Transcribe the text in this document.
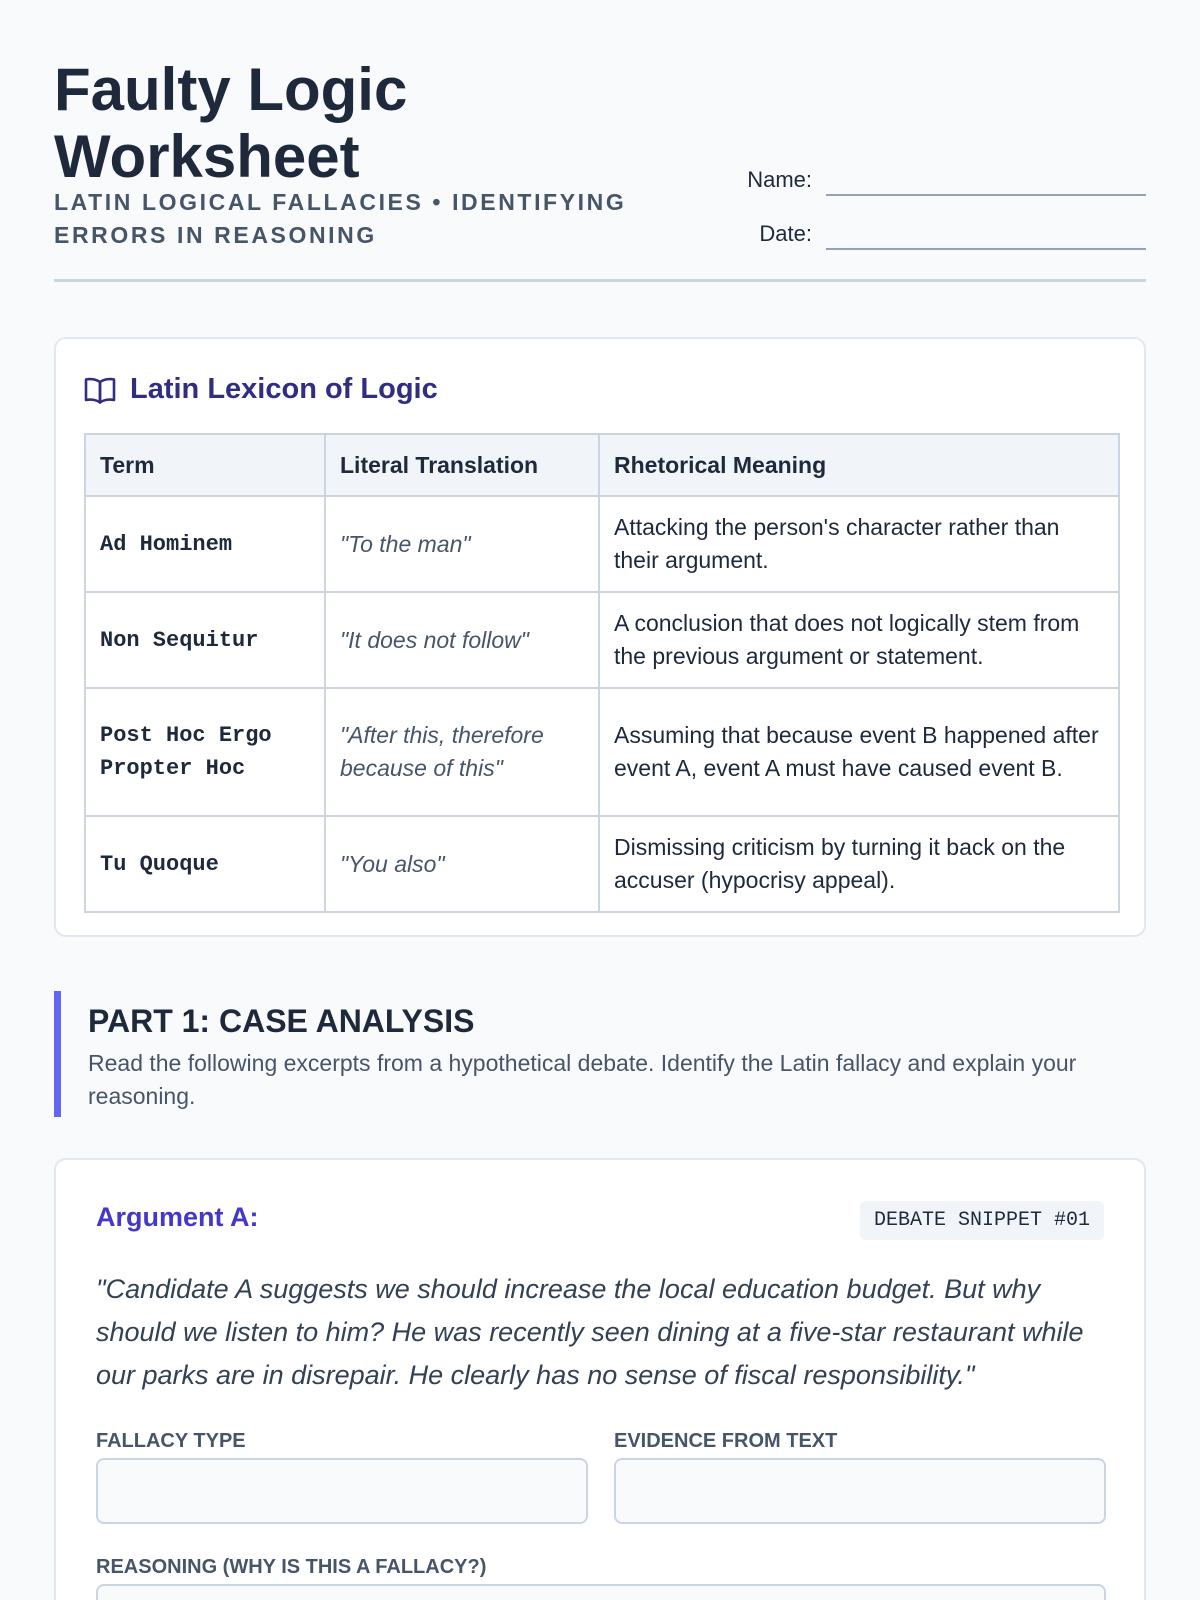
Faulty Logic Worksheet
LATIN LOGICAL FALLACIES • IDENTIFYING ERRORS IN REASONING
Name:
Date:
Latin Lexicon of Logic
Term	Literal Translation	Rhetorical Meaning
Ad Hominem	"To the man"	Attacking the person's character rather than their argument.
Non Sequitur	"It does not follow"	A conclusion that does not logically stem from the previous argument or statement.
Post Hoc Ergo Propter Hoc	"After this, therefore because of this"	Assuming that because event B happened after event A, event A must have caused event B.
Tu Quoque	"You also"	Dismissing criticism by turning it back on the accuser (hypocrisy appeal).
PART 1: CASE ANALYSIS

Read the following excerpts from a hypothetical debate. Identify the Latin fallacy and explain your reasoning.

Argument A:	DEBATE SNIPPET #01

"Candidate A suggests we should increase the local education budget. But why should we listen to him? He was recently seen dining at a five-star restaurant while our parks are in disrepair. He clearly has no sense of fiscal responsibility."

FALLACY TYPE	EVIDENCE FROM TEXT
REASONING (WHY IS THIS A FALLACY?)
